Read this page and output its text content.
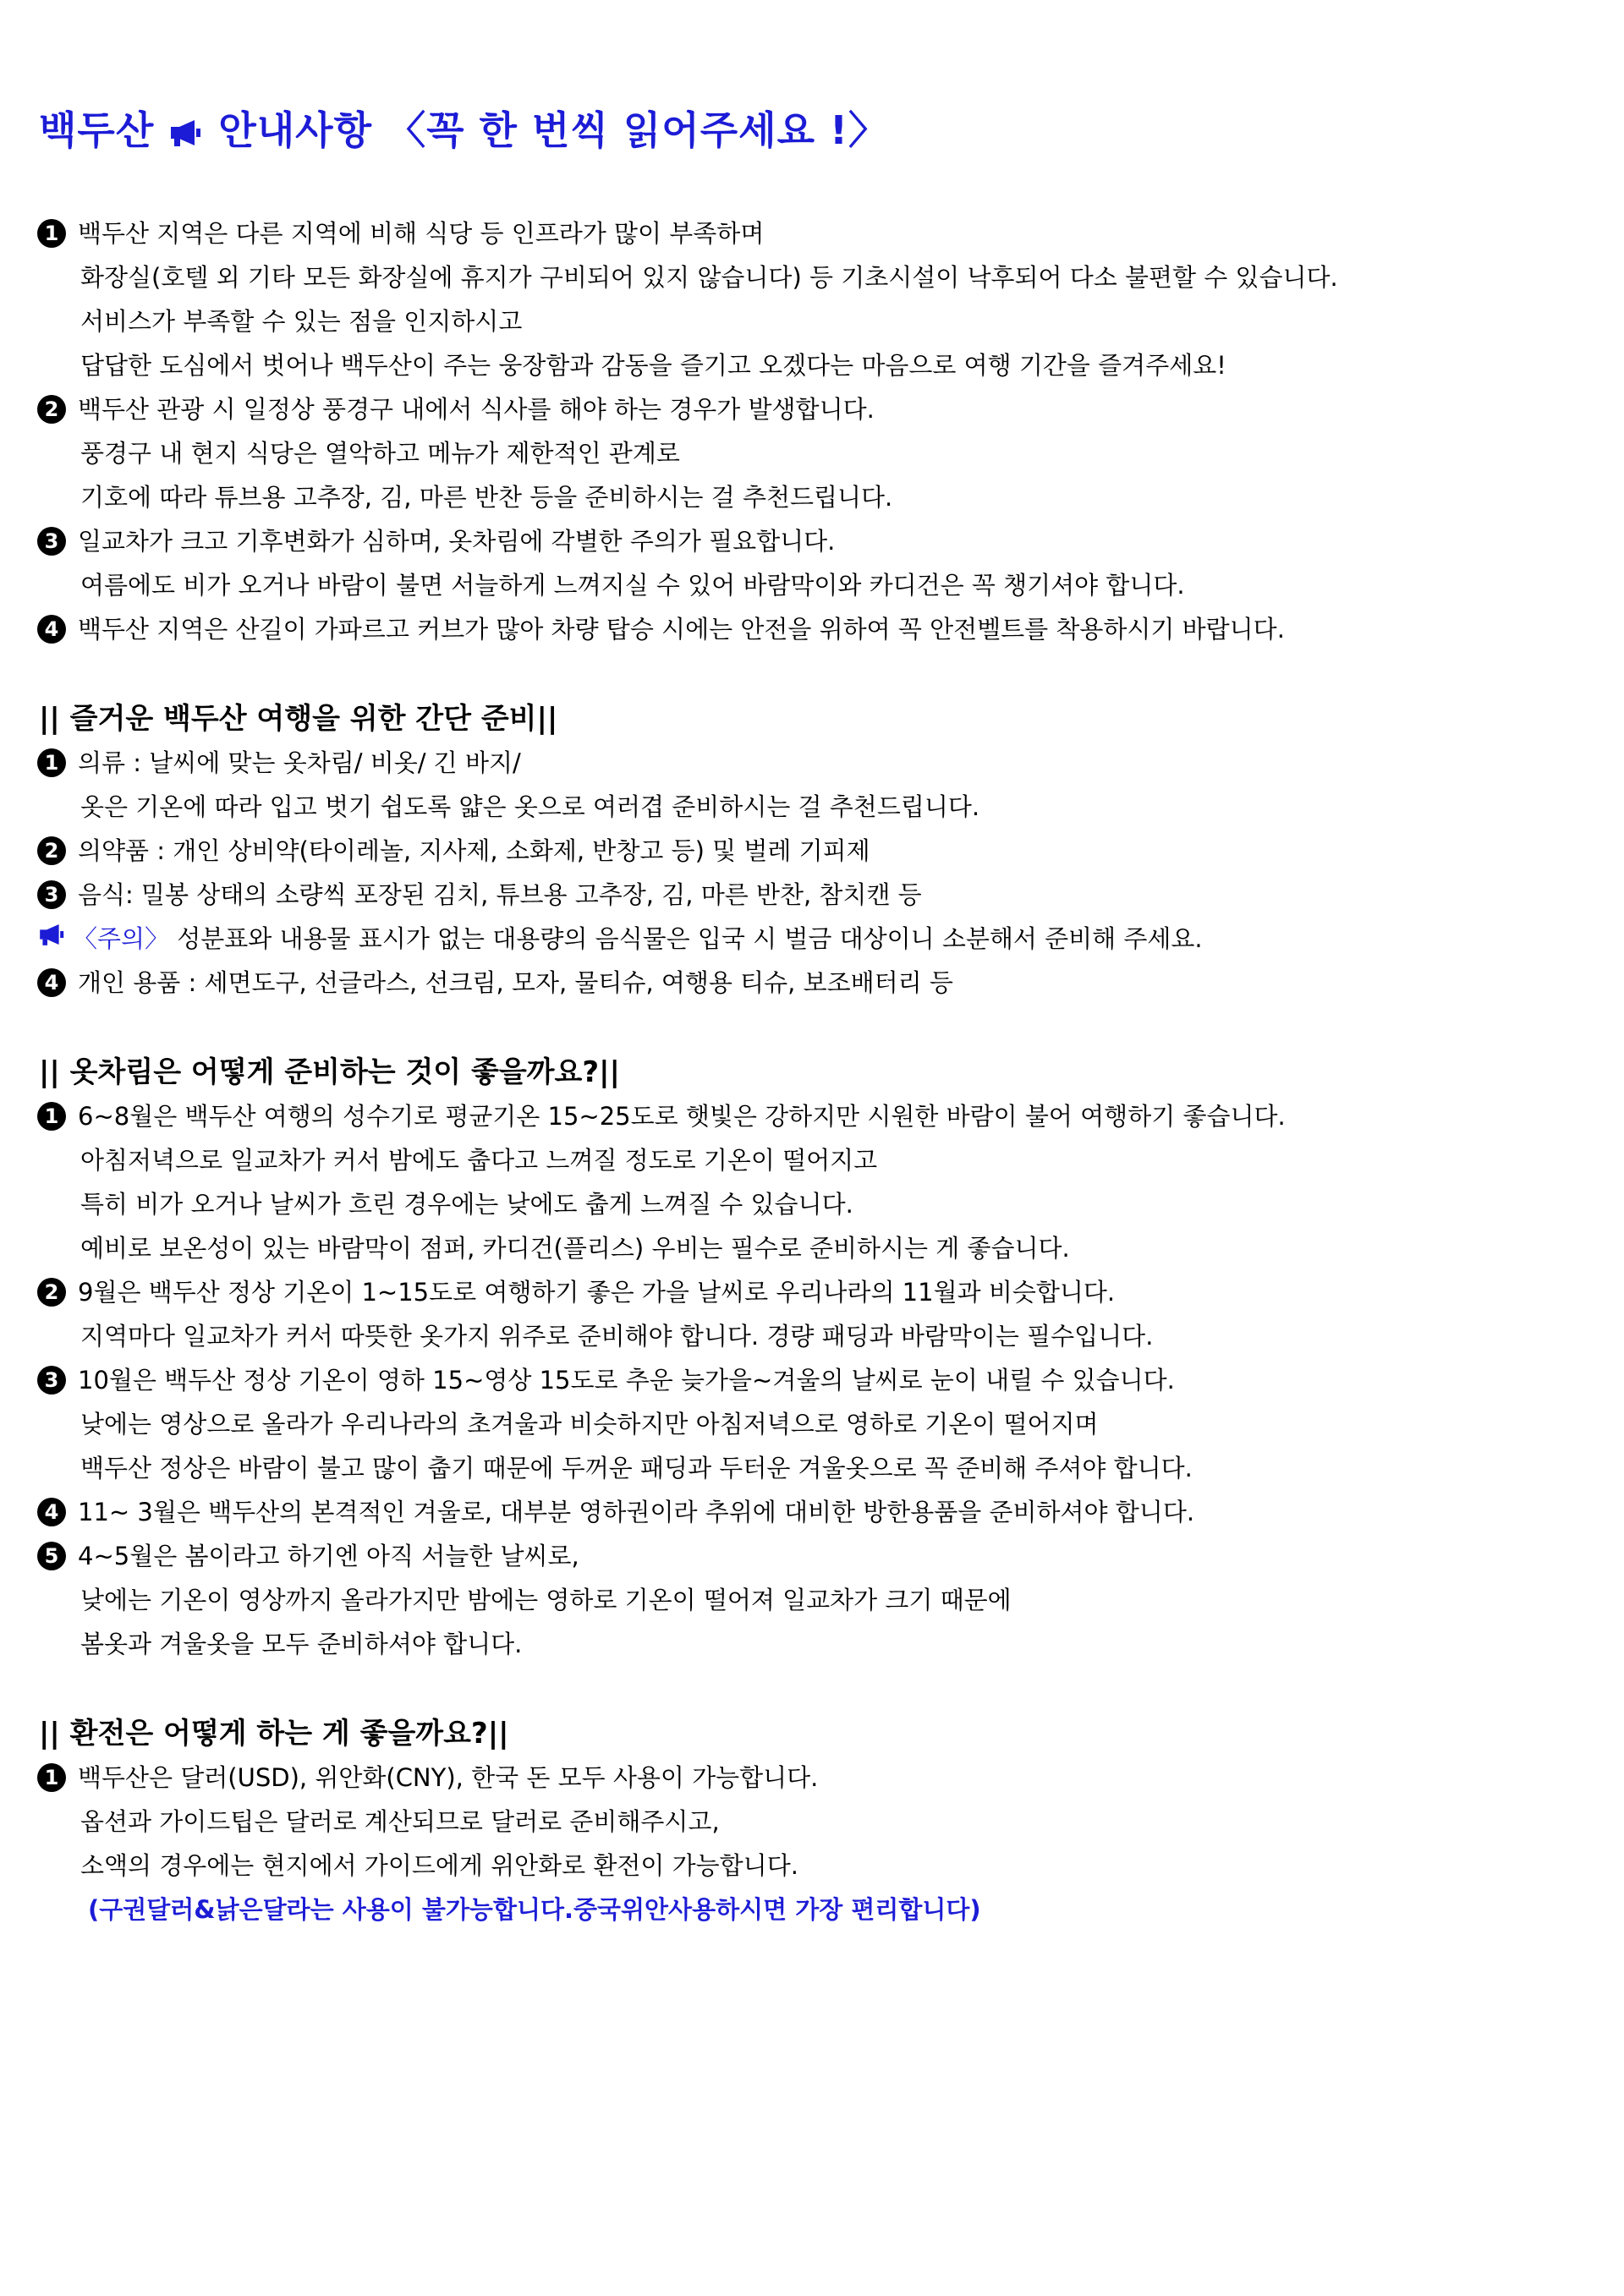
백두산 안내사항 〈꼭 한 번씩 읽어주세요 !〉
1 백두산 지역은 다른 지역에 비해 식당 등 인프라가 많이 부족하며
화장실(호텔 외 기타 모든 화장실에 휴지가 구비되어 있지 않습니다) 등 기초시설이 낙후되어 다소 불편할 수 있습니다.
서비스가 부족할 수 있는 점을 인지하시고
답답한 도심에서 벗어나 백두산이 주는 웅장함과 감동을 즐기고 오겠다는 마음으로 여행 기간을 즐겨주세요!
2 백두산 관광 시 일정상 풍경구 내에서 식사를 해야 하는 경우가 발생합니다.
풍경구 내 현지 식당은 열악하고 메뉴가 제한적인 관계로
기호에 따라 튜브용 고추장, 김, 마른 반찬 등을 준비하시는 걸 추천드립니다.
3 일교차가 크고 기후변화가 심하며, 옷차림에 각별한 주의가 필요합니다.
여름에도 비가 오거나 바람이 불면 서늘하게 느껴지실 수 있어 바람막이와 카디건은 꼭 챙기셔야 합니다.
4 백두산 지역은 산길이 가파르고 커브가 많아 차량 탑승 시에는 안전을 위하여 꼭 안전벨트를 착용하시기 바랍니다.
|| 즐거운 백두산 여행을 위한 간단 준비||
1 의류 : 날씨에 맞는 옷차림/ 비옷/ 긴 바지/
옷은 기온에 따라 입고 벗기 쉽도록 얇은 옷으로 여러겹 준비하시는 걸 추천드립니다.
2 의약품 : 개인 상비약(타이레놀, 지사제, 소화제, 반창고 등) 및 벌레 기피제
3 음식: 밀봉 상태의 소량씩 포장된 김치, 튜브용 고추장, 김, 마른 반찬, 참치캔 등
〈주의〉 성분표와 내용물 표시가 없는 대용량의 음식물은 입국 시 벌금 대상이니 소분해서 준비해 주세요.
4 개인 용품 : 세면도구, 선글라스, 선크림, 모자, 물티슈, 여행용 티슈, 보조배터리 등
|| 옷차림은 어떻게 준비하는 것이 좋을까요?||
1 6~8월은 백두산 여행의 성수기로 평균기온 15~25도로 햇빛은 강하지만 시원한 바람이 불어 여행하기 좋습니다.
아침저녁으로 일교차가 커서 밤에도 춥다고 느껴질 정도로 기온이 떨어지고
특히 비가 오거나 날씨가 흐린 경우에는 낮에도 춥게 느껴질 수 있습니다.
예비로 보온성이 있는 바람막이 점퍼, 카디건(플리스) 우비는 필수로 준비하시는 게 좋습니다.
2 9월은 백두산 정상 기온이 1~15도로 여행하기 좋은 가을 날씨로 우리나라의 11월과 비슷합니다.
지역마다 일교차가 커서 따뜻한 옷가지 위주로 준비해야 합니다. 경량 패딩과 바람막이는 필수입니다.
3 10월은 백두산 정상 기온이 영하 15~영상 15도로 추운 늦가을~겨울의 날씨로 눈이 내릴 수 있습니다.
낮에는 영상으로 올라가 우리나라의 초겨울과 비슷하지만 아침저녁으로 영하로 기온이 떨어지며
백두산 정상은 바람이 불고 많이 춥기 때문에 두꺼운 패딩과 두터운 겨울옷으로 꼭 준비해 주셔야 합니다.
4 11~ 3월은 백두산의 본격적인 겨울로, 대부분 영하권이라 추위에 대비한 방한용품을 준비하셔야 합니다.
5 4~5월은 봄이라고 하기엔 아직 서늘한 날씨로,
낮에는 기온이 영상까지 올라가지만 밤에는 영하로 기온이 떨어져 일교차가 크기 때문에
봄옷과 겨울옷을 모두 준비하셔야 합니다.
|| 환전은 어떻게 하는 게 좋을까요?||
1 백두산은 달러(USD), 위안화(CNY), 한국 돈 모두 사용이 가능합니다.
옵션과 가이드팁은 달러로 계산되므로 달러로 준비해주시고,
소액의 경우에는 현지에서 가이드에게 위안화로 환전이 가능합니다.
(구권달러&낡은달라는 사용이 불가능합니다.중국위안사용하시면 가장 편리합니다)
